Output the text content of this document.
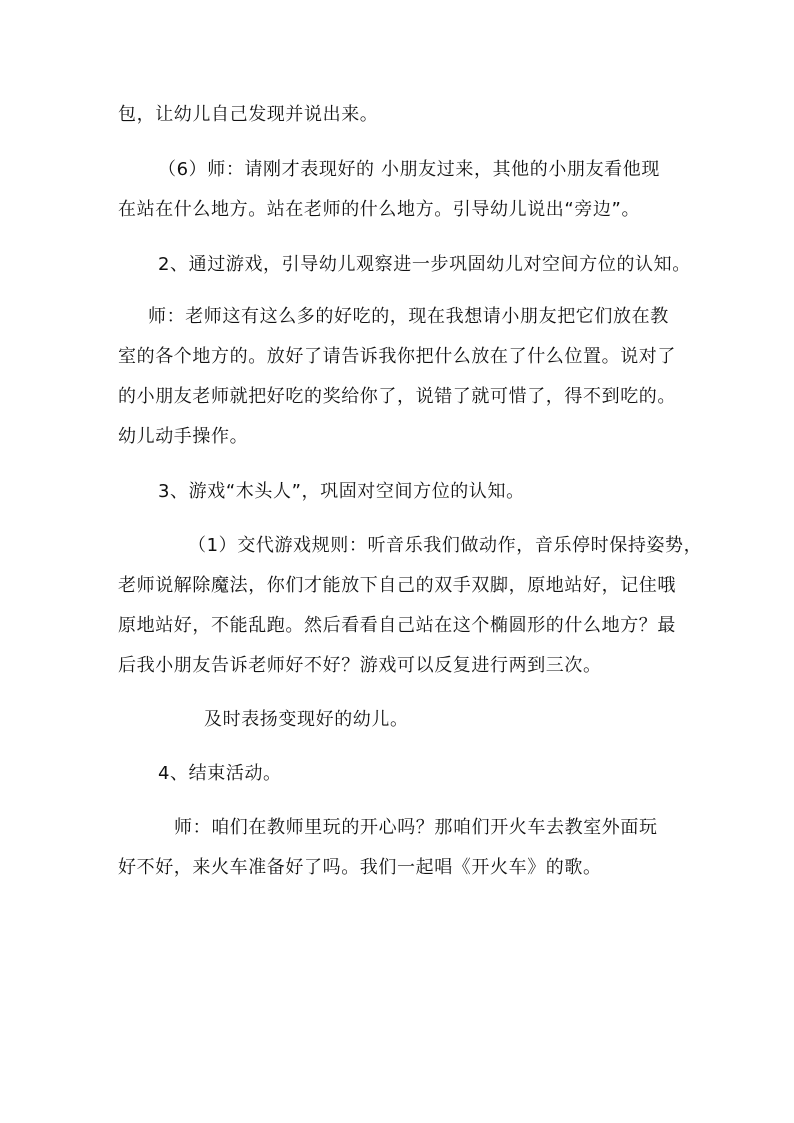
包，让幼儿自己发现并说出来。
（6）师：请刚才表现好的 小朋友过来，其他的小朋友看他现
在站在什么地方。站在老师的什么地方。引导幼儿说出“旁边”。
2、通过游戏，引导幼儿观察进一步巩固幼儿对空间方位的认知。
师：老师这有这么多的好吃的，现在我想请小朋友把它们放在教
室的各个地方的。放好了请告诉我你把什么放在了什么位置。说对了
的小朋友老师就把好吃的奖给你了，说错了就可惜了，得不到吃的。
幼儿动手操作。
3、游戏“木头人”，巩固对空间方位的认知。
（1）交代游戏规则：听音乐我们做动作，音乐停时保持姿势，
老师说解除魔法，你们才能放下自己的双手双脚，原地站好，记住哦
原地站好，不能乱跑。然后看看自己站在这个椭圆形的什么地方？最
后我小朋友告诉老师好不好？游戏可以反复进行两到三次。
及时表扬变现好的幼儿。
4、结束活动。
师：咱们在教师里玩的开心吗？那咱们开火车去教室外面玩
好不好，来火车准备好了吗。我们一起唱《开火车》的歌。
